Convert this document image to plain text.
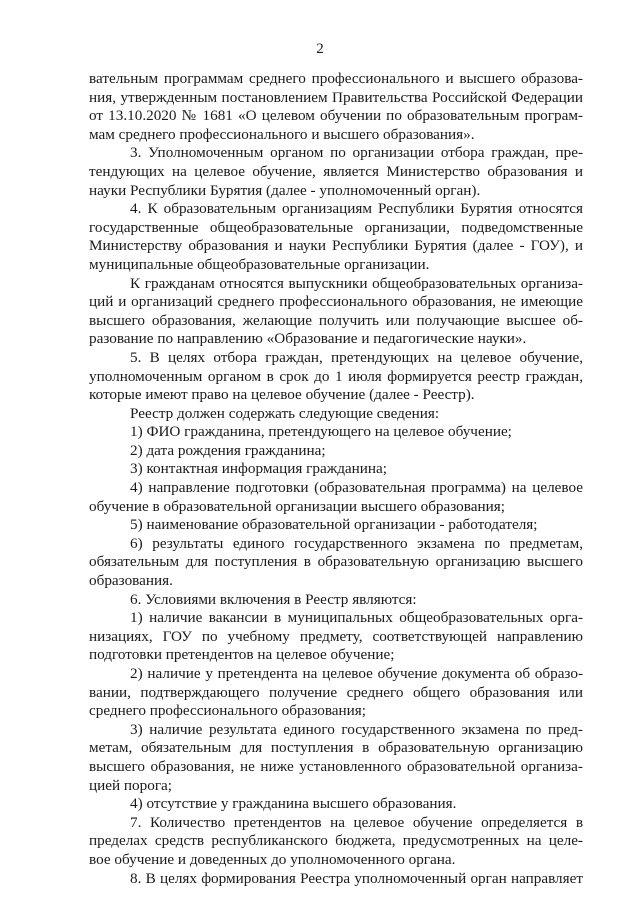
2
вательным программам среднего профессионального и высшего образова-
ния, утвержденным постановлением Правительства Российской Федерации
от 13.10.2020 № 1681 «О целевом обучении по образовательным програм-
мам среднего профессионального и высшего образования».
3. Уполномоченным органом по организации отбора граждан, пре-
тендующих на целевое обучение, является Министерство образования и
науки Республики Бурятия (далее - уполномоченный орган).
4. К образовательным организациям Республики Бурятия относятся
государственные общеобразовательные организации, подведомственные
Министерству образования и науки Республики Бурятия (далее - ГОУ), и
муниципальные общеобразовательные организации.
К гражданам относятся выпускники общеобразовательных организа-
ций и организаций среднего профессионального образования, не имеющие
высшего образования, желающие получить или получающие высшее об-
разование по направлению «Образование и педагогические науки».
5. В целях отбора граждан, претендующих на целевое обучение,
уполномоченным органом в срок до 1 июля формируется реестр граждан,
которые имеют право на целевое обучение (далее - Реестр).
Реестр должен содержать следующие сведения:
1) ФИО гражданина, претендующего на целевое обучение;
2) дата рождения гражданина;
3) контактная информация гражданина;
4) направление подготовки (образовательная программа) на целевое
обучение в образовательной организации высшего образования;
5) наименование образовательной организации - работодателя;
6) результаты единого государственного экзамена по предметам,
обязательным для поступления в образовательную организацию высшего
образования.
6. Условиями включения в Реестр являются:
1) наличие вакансии в муниципальных общеобразовательных орга-
низациях, ГОУ по учебному предмету, соответствующей направлению
подготовки претендентов на целевое обучение;
2) наличие у претендента на целевое обучение документа об образо-
вании, подтверждающего получение среднего общего образования или
среднего профессионального образования;
3) наличие результата единого государственного экзамена по пред-
метам, обязательным для поступления в образовательную организацию
высшего образования, не ниже установленного образовательной организа-
цией порога;
4) отсутствие у гражданина высшего образования.
7. Количество претендентов на целевое обучение определяется в
пределах средств республиканского бюджета, предусмотренных на целе-
вое обучение и доведенных до уполномоченного органа.
8. В целях формирования Реестра уполномоченный орган направляет
